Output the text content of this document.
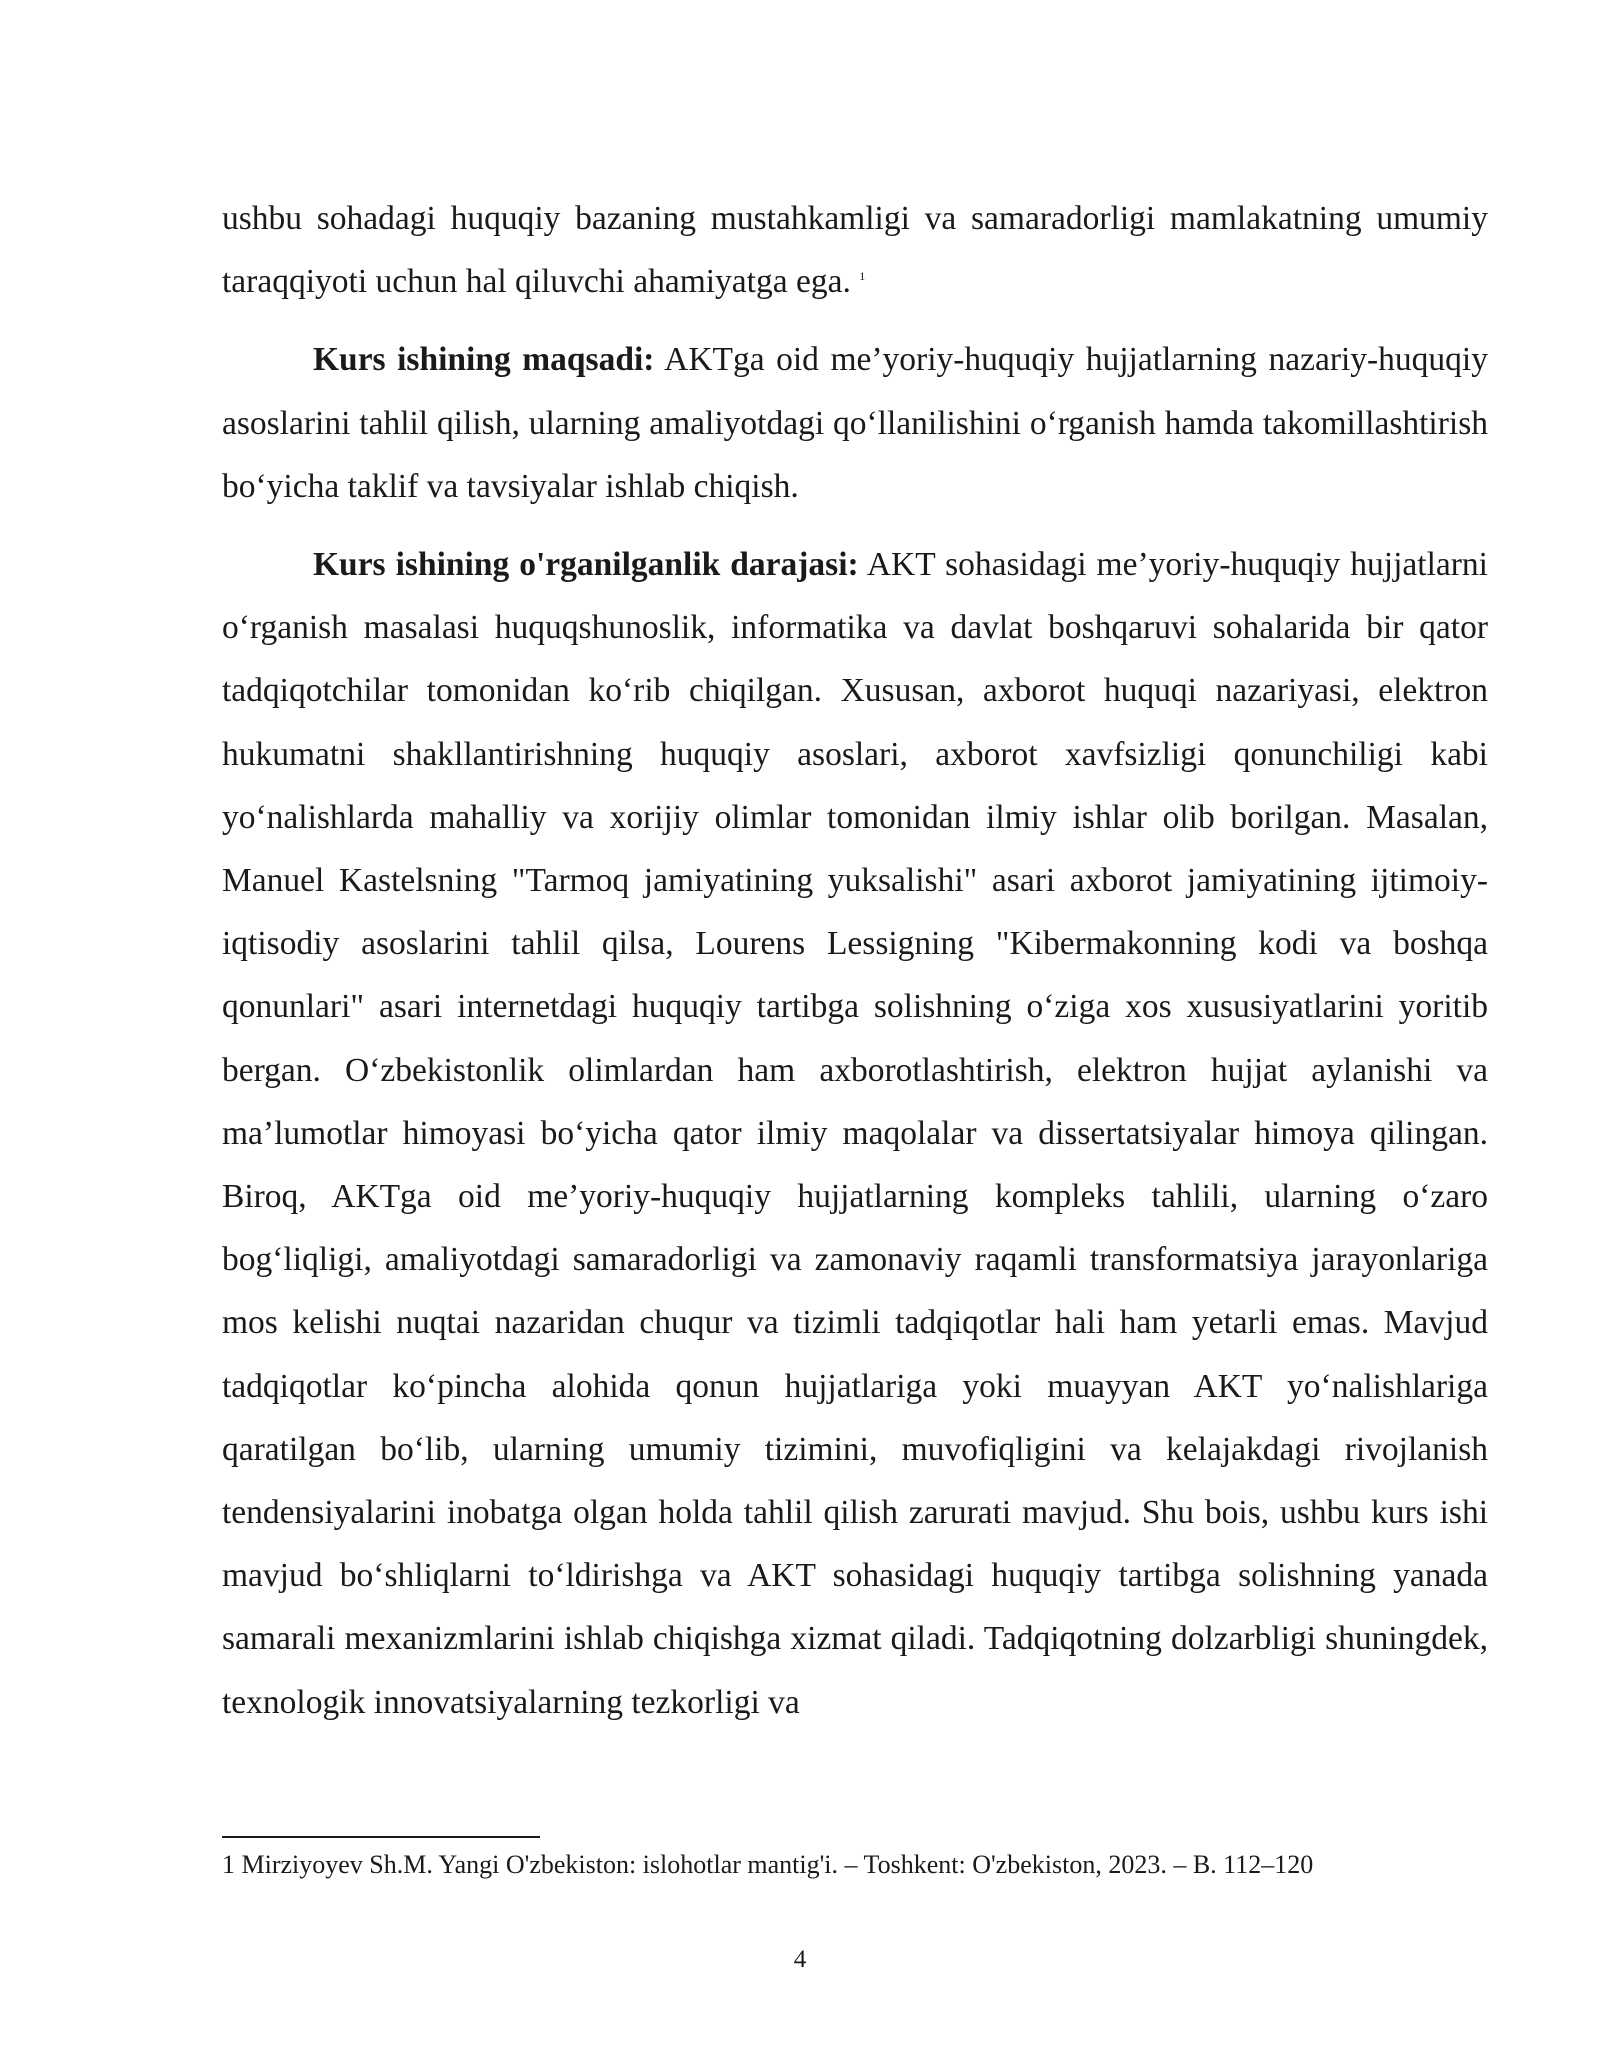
ushbu sohadagi huquqiy bazaning mustahkamligi va samaradorligi mamlakatning umumiy taraqqiyoti uchun hal qiluvchi ahamiyatga ega. $^1$

Kurs ishining maqsadi: AKTga oid me’yoriy-huquqiy hujjatlarning nazariy-huquqiy asoslarini tahlil qilish, ularning amaliyotdagi qo‘llanilishini o‘rganish hamda takomillashtirish bo‘yicha taklif va tavsiyalar ishlab chiqish.

Kurs ishining o'rganilganlik darajasi: AKT sohasidagi me’yoriy-huquqiy hujjatlarni o‘rganish masalasi huquqshunoslik, informatika va davlat boshqaruvi sohalarida bir qator tadqiqotchilar tomonidan ko‘rib chiqilgan. Xususan, axborot huquqi nazariyasi, elektron hukumatni shakllantirishning huquqiy asoslari, axborot xavfsizligi qonunchiligi kabi yo‘nalishlarda mahalliy va xorijiy olimlar tomonidan ilmiy ishlar olib borilgan. Masalan, Manuel Kastelsning "Tarmoq jamiyatining yuksalishi" asari axborot jamiyatining ijtimoiy-iqtisodiy asoslarini tahlil qilsa, Lourens Lessigning "Kibermakonning kodi va boshqa qonunlari" asari internetdagi huquqiy tartibga solishning o‘ziga xos xususiyatlarini yoritib bergan. O‘zbekistonlik olimlardan ham axborotlashtirish, elektron hujjat aylanishi va ma’lumotlar himoyasi bo‘yicha qator ilmiy maqolalar va dissertatsiyalar himoya qilingan. Biroq, AKTga oid me’yoriy-huquqiy hujjatlarning kompleks tahlili, ularning o‘zaro bog‘liqligi, amaliyotdagi samaradorligi va zamonaviy raqamli transformatsiya jarayonlariga mos kelishi nuqtai nazaridan chuqur va tizimli tadqiqotlar hali ham yetarli emas. Mavjud tadqiqotlar ko‘pincha alohida qonun hujjatlariga yoki muayyan AKT yo‘nalishlariga qaratilgan bo‘lib, ularning umumiy tizimini, muvofiqligini va kelajakdagi rivojlanish tendensiyalarini inobatga olgan holda tahlil qilish zarurati mavjud. Shu bois, ushbu kurs ishi mavjud bo‘shliqlarni to‘ldirishga va AKT sohasidagi huquqiy tartibga solishning yanada samarali mexanizmlarini ishlab chiqishga xizmat qiladi. Tadqiqotning dolzarbligi shuningdek, texnologik innovatsiyalarning tezkorligi va

1 Mirziyoyev Sh.M. Yangi O'zbekiston: islohotlar mantig'i. – Toshkent: O'zbekiston, 2023. – B. 112–120
4
